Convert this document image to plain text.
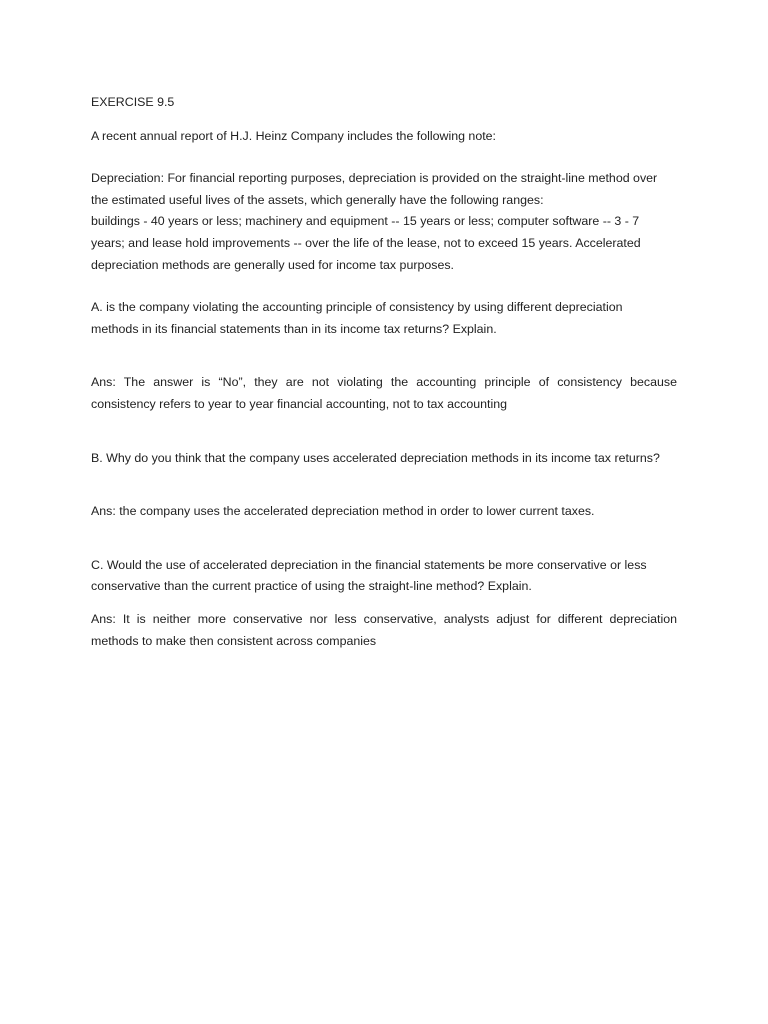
EXERCISE 9.5

A recent annual report of H.J. Heinz Company includes the following note:

Depreciation: For financial reporting purposes, depreciation is provided on the straight-line method over
the estimated useful lives of the assets, which generally have the following ranges:
buildings - 40 years or less; machinery and equipment -- 15 years or less; computer software -- 3 - 7
years; and lease hold improvements -- over the life of the lease, not to exceed 15 years. Accelerated
depreciation methods are generally used for income tax purposes.
A. is the company violating the accounting principle of consistency by using different depreciation
methods in its financial statements than in its income tax returns? Explain.

Ans: The answer is “No”, they are not violating the accounting principle of consistency because consistency refers to year to year financial accounting, not to tax accounting

B. Why do you think that the company uses accelerated depreciation methods in its income tax returns?

Ans: the company uses the accelerated depreciation method in order to lower current taxes.

C. Would the use of accelerated depreciation in the financial statements be more conservative or less
conservative than the current practice of using the straight-line method? Explain.

Ans: It is neither more conservative nor less conservative, analysts adjust for different depreciation methods to make then consistent across companies
